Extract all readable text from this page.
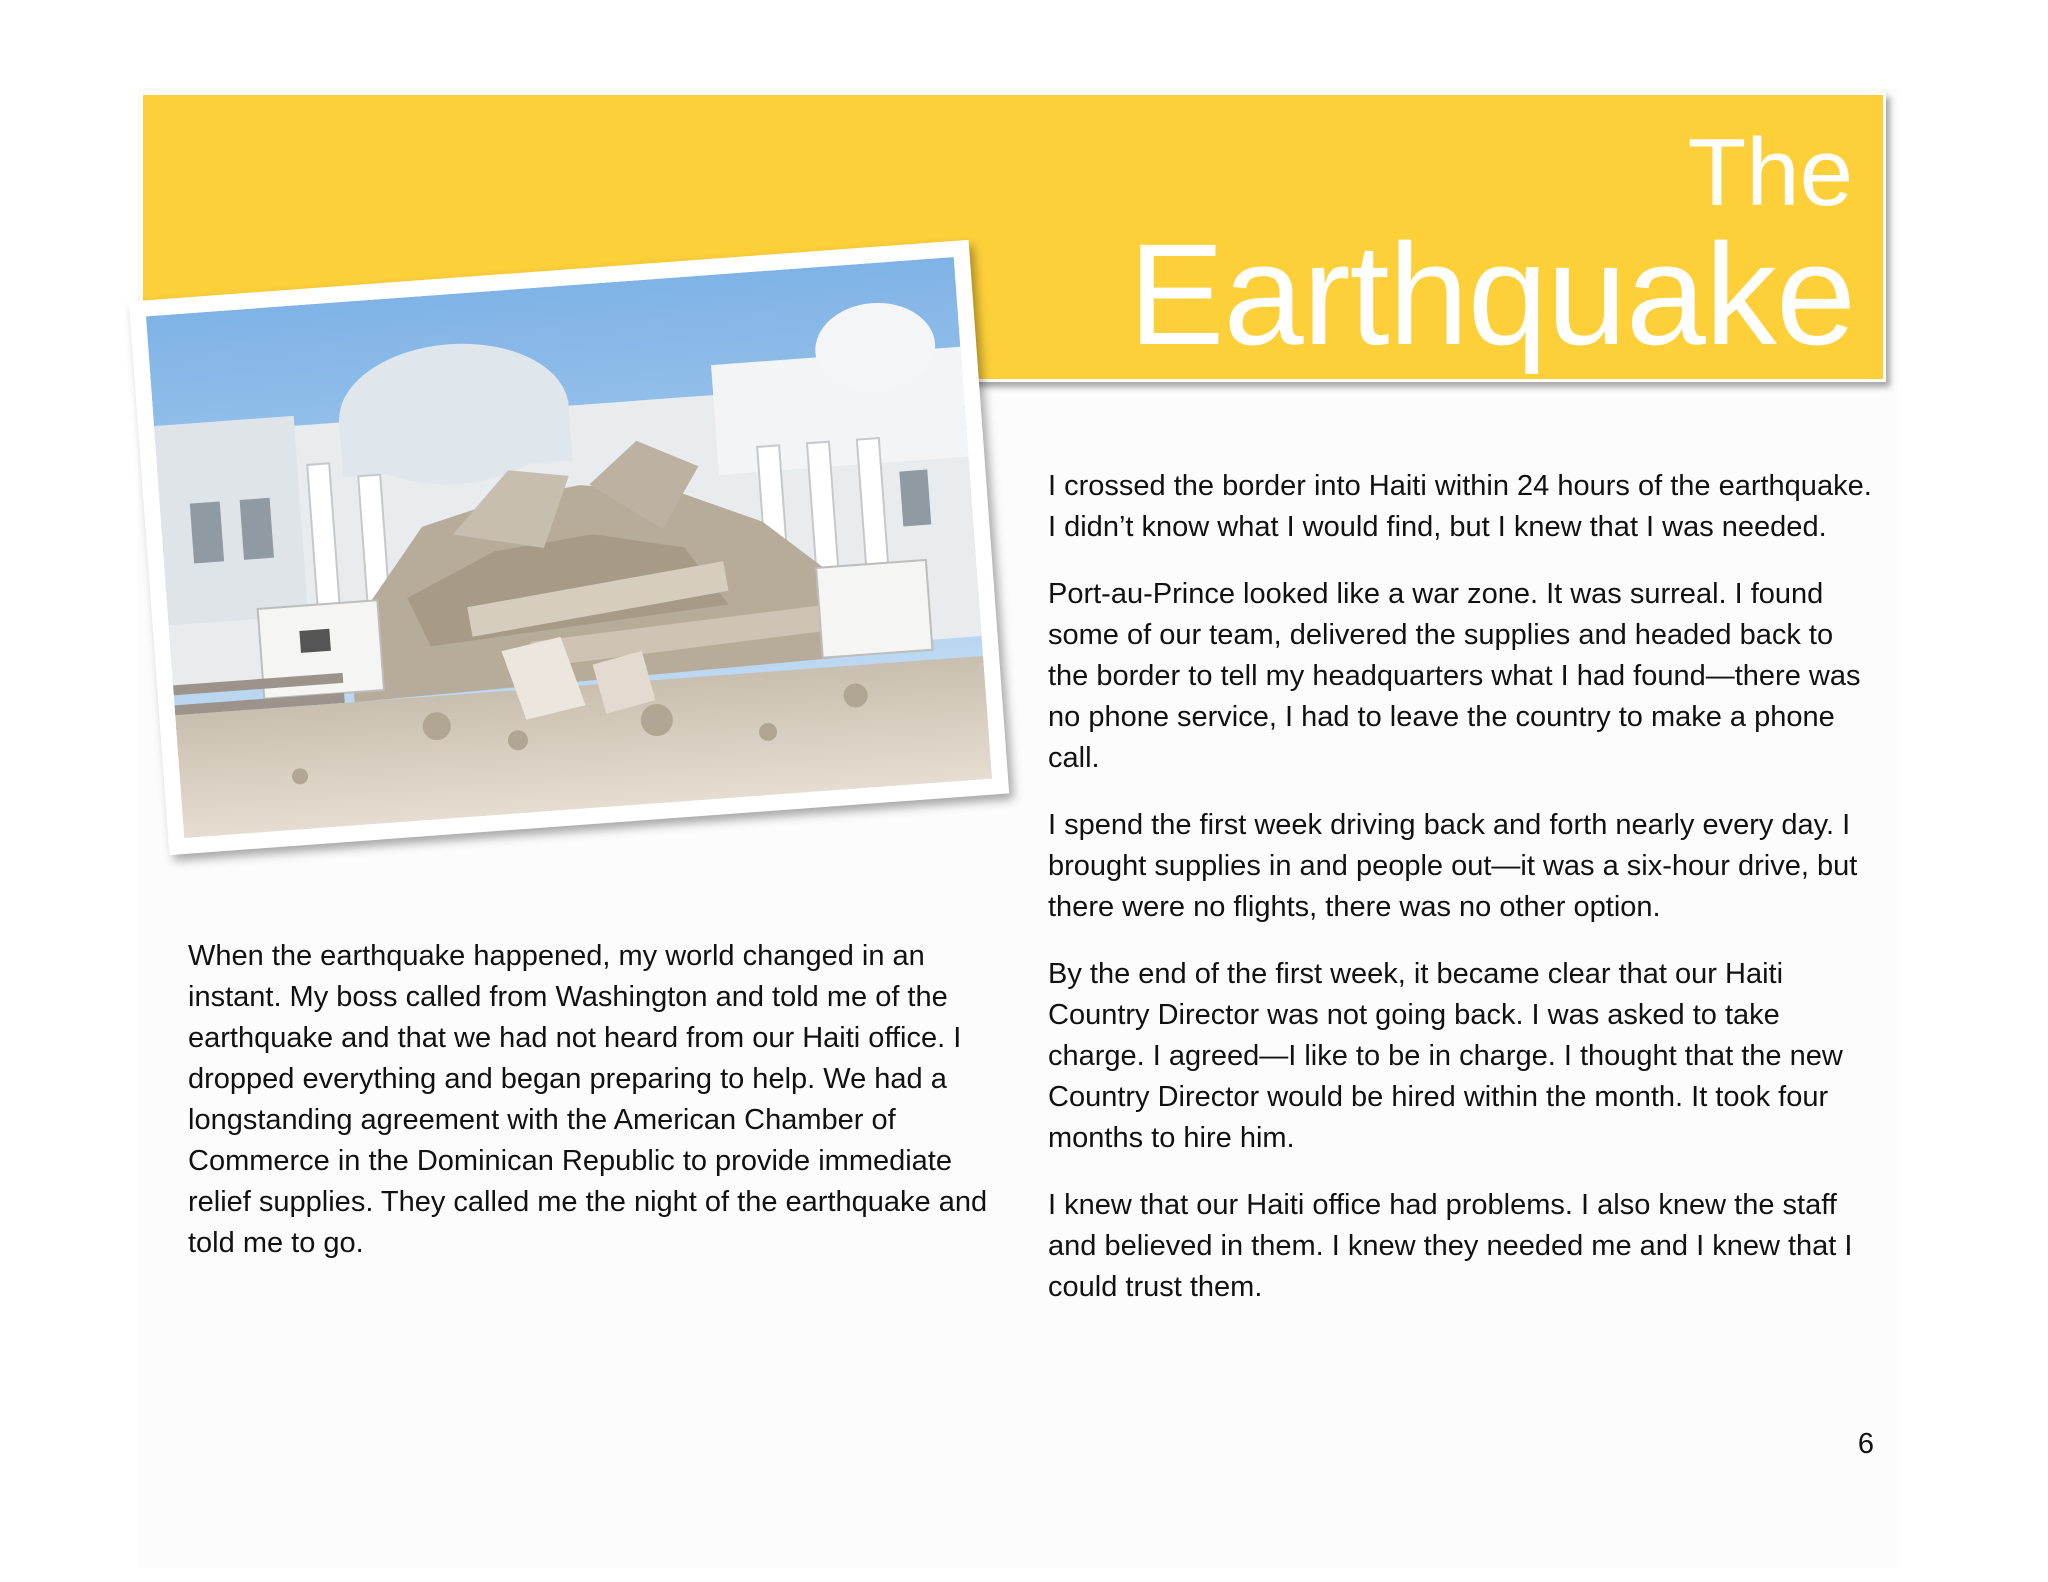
The
Earthquake

When the earthquake happened, my world changed in an instant. My boss called from Washington and told me of the earthquake and that we had not heard from our Haiti office. I dropped everything and began preparing to help. We had a longstanding agreement with the American Chamber of Commerce in the Dominican Republic to provide immediate relief supplies. They called me the night of the earthquake and told me to go.

I crossed the border into Haiti within 24 hours of the earthquake. I didn’t know what I would find, but I knew that I was needed.

Port-au-Prince looked like a war zone. It was surreal. I found some of our team, delivered the supplies and headed back to the border to tell my headquarters what I had found—there was no phone service, I had to leave the country to make a phone call.

I spend the first week driving back and forth nearly every day. I brought supplies in and people out—it was a six-hour drive, but there were no flights, there was no other option.

By the end of the first week, it became clear that our Haiti Country Director was not going back. I was asked to take charge. I agreed—I like to be in charge. I thought that the new Country Director would be hired within the month. It took four months to hire him.

I knew that our Haiti office had problems. I also knew the staff and believed in them. I knew they needed me and I knew that I could trust them.

6
